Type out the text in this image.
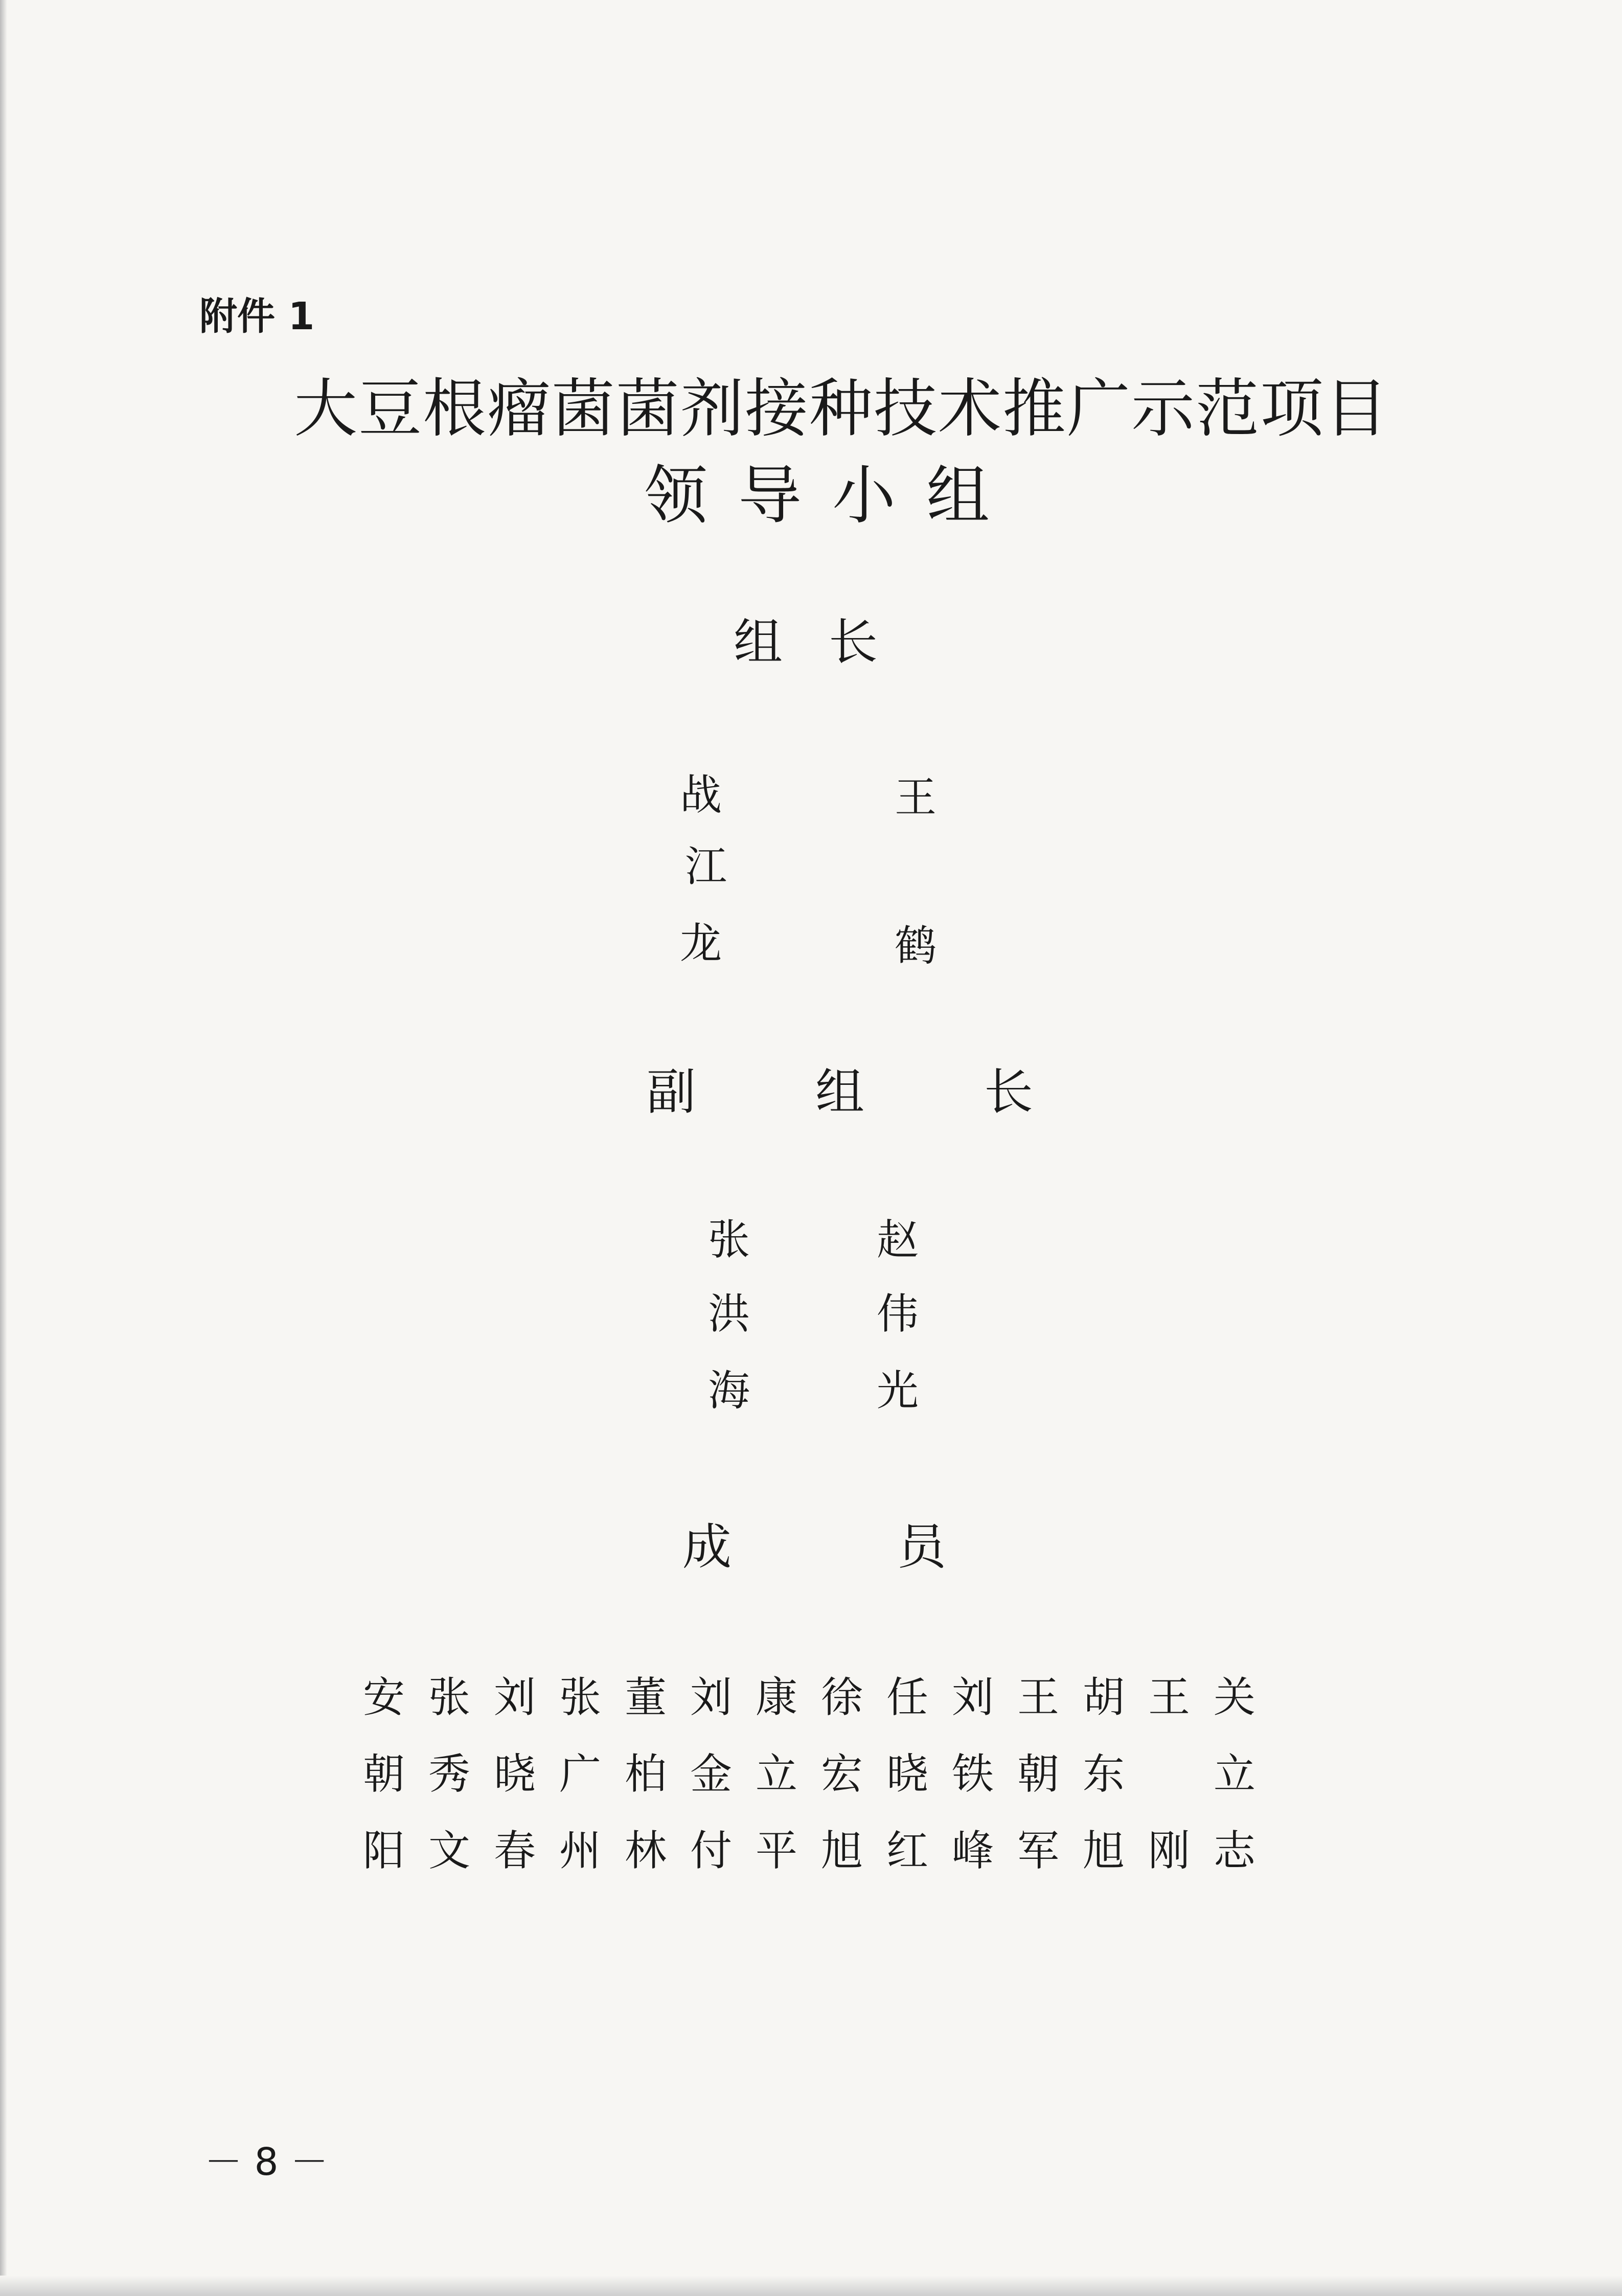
附件 1
大豆根瘤菌菌剂接种技术推广示范项目
领导小组
组长
战
江
龙
王
鹤
副 组 长
张
洪
海
赵
伟
光
成	员
安 张 刘 张 董 刘 康 徐 任 刘 王 胡 王 关
朝 秀 晓 广 柏 金 立 宏 晓 铁 朝 东	立
阳 文 春 州 林 付 平 旭 红 峰 军 旭 刚 志
－ 8 －
